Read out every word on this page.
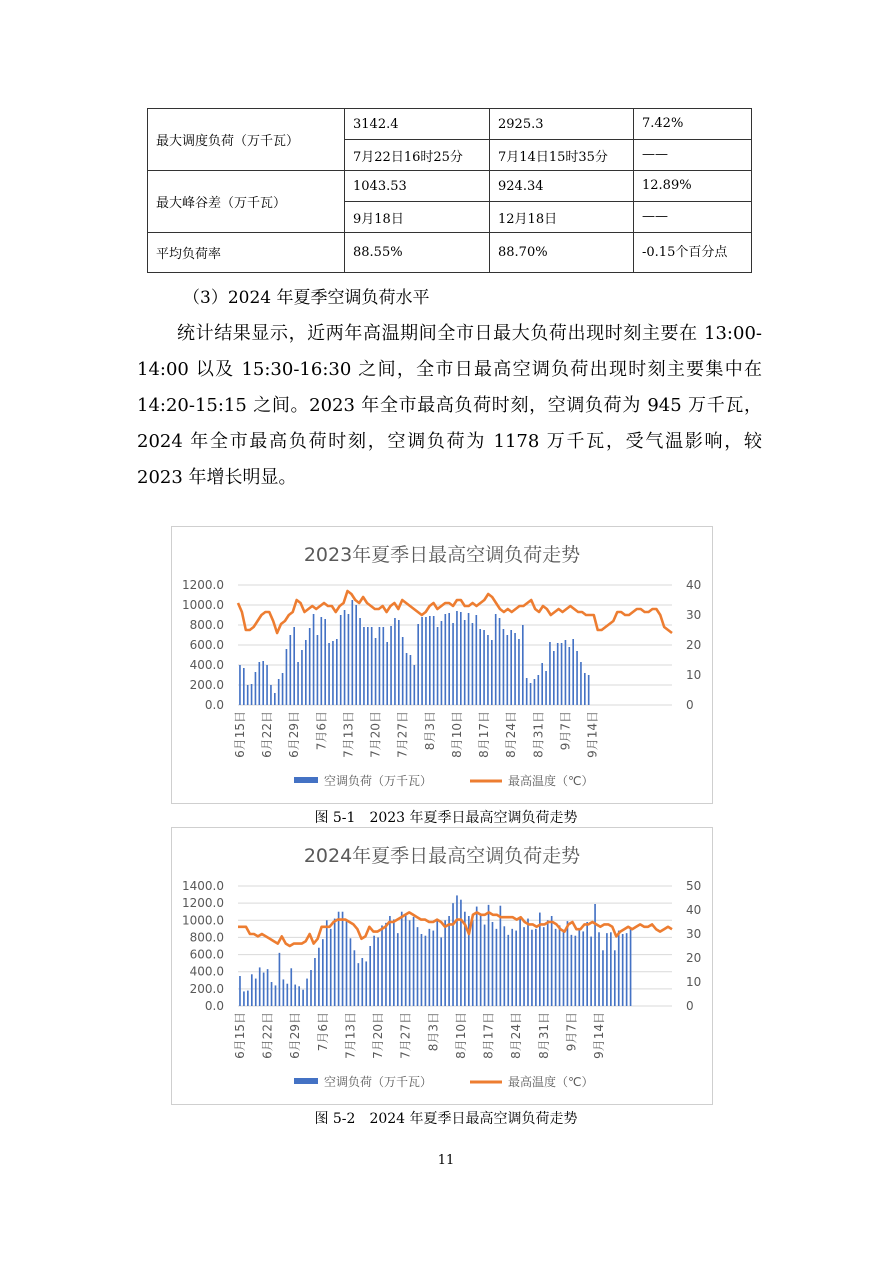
最大调度负荷（万千瓦）	3142.4	2925.3	7.42%
	7月22日16时25分	7月14日15时35分	——
最大峰谷差（万千瓦）	1043.53	924.34	12.89%
	9月18日	12月18日	——
平均负荷率	88.55%	88.70%	-0.15个百分点
（3）2024 年夏季空调负荷水平
统计结果显示，近两年高温期间全市日最大负荷出现时刻主要在 13:00-14:00 以及 15:30-16:30 之间，全市日最高空调负荷出现时刻主要集中在 14:20-15:15 之间。2023 年全市最高负荷时刻，空调负荷为 945 万千瓦，2024 年全市最高负荷时刻，空调负荷为 1178 万千瓦，受气温影响，较 2023 年增长明显。
2023年夏季日最高空调负荷走势
0.0
200.0
400.0
600.0
800.0
1000.0
1200.0
0
10
20
30
40
6月15日 6月22日 6月29日 7月6日 7月13日 7月20日 7月27日 8月3日 8月10日 8月17日 8月24日 8月31日 9月7日 9月14日
空调负荷（万千瓦）	最高温度（℃）
图 5-1　2023 年夏季日最高空调负荷走势
2024年夏季日最高空调负荷走势
0.0
200.0
400.0
600.0
800.0
1000.0
1200.0
1400.0
0
10
20
30
40
50
6月15日 6月22日 6月29日 7月6日 7月13日 7月20日 7月27日 8月3日 8月10日 8月17日 8月24日 8月31日 9月7日 9月14日
空调负荷（万千瓦）	最高温度（℃）
图 5-2　2024 年夏季日最高空调负荷走势
11
